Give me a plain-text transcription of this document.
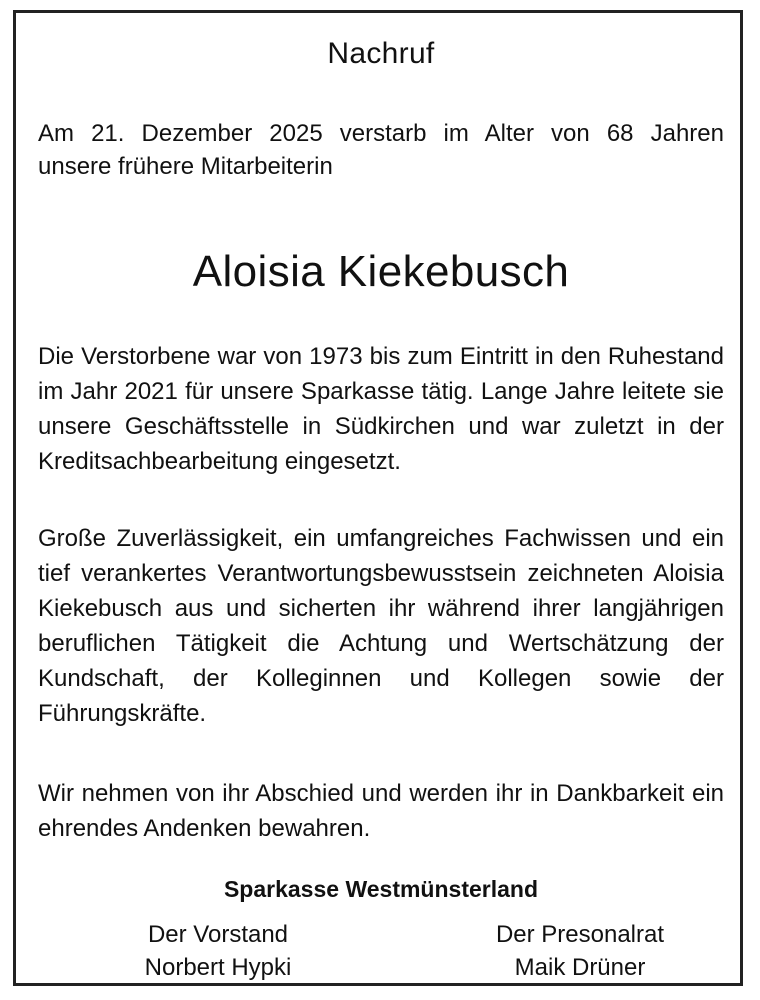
Nachruf
Am 21. Dezember 2025 verstarb im Alter von 68 Jahren
unsere frühere Mitarbeiterin
Aloisia Kiekebusch
Die Verstorbene war von 1973 bis zum Eintritt in den Ruhestand im Jahr 2021 für unsere Sparkasse tätig. Lange Jahre leitete sie unsere Geschäftsstelle in Südkirchen und war zuletzt in der Kreditsachbearbeitung eingesetzt.
Große Zuverlässigkeit, ein umfangreiches Fachwissen und ein tief verankertes Verantwortungsbewusstsein zeichneten Aloisia Kiekebusch aus und sicherten ihr während ihrer langjährigen beruflichen Tätigkeit die Achtung und Wertschätzung der Kundschaft, der Kolleginnen und Kollegen sowie der Führungskräfte.
Wir nehmen von ihr Abschied und werden ihr in Dankbarkeit ein ehrendes Andenken bewahren.
Sparkasse Westmünsterland
Der Vorstand
Norbert Hypki
Der Presonalrat
Maik Drüner
